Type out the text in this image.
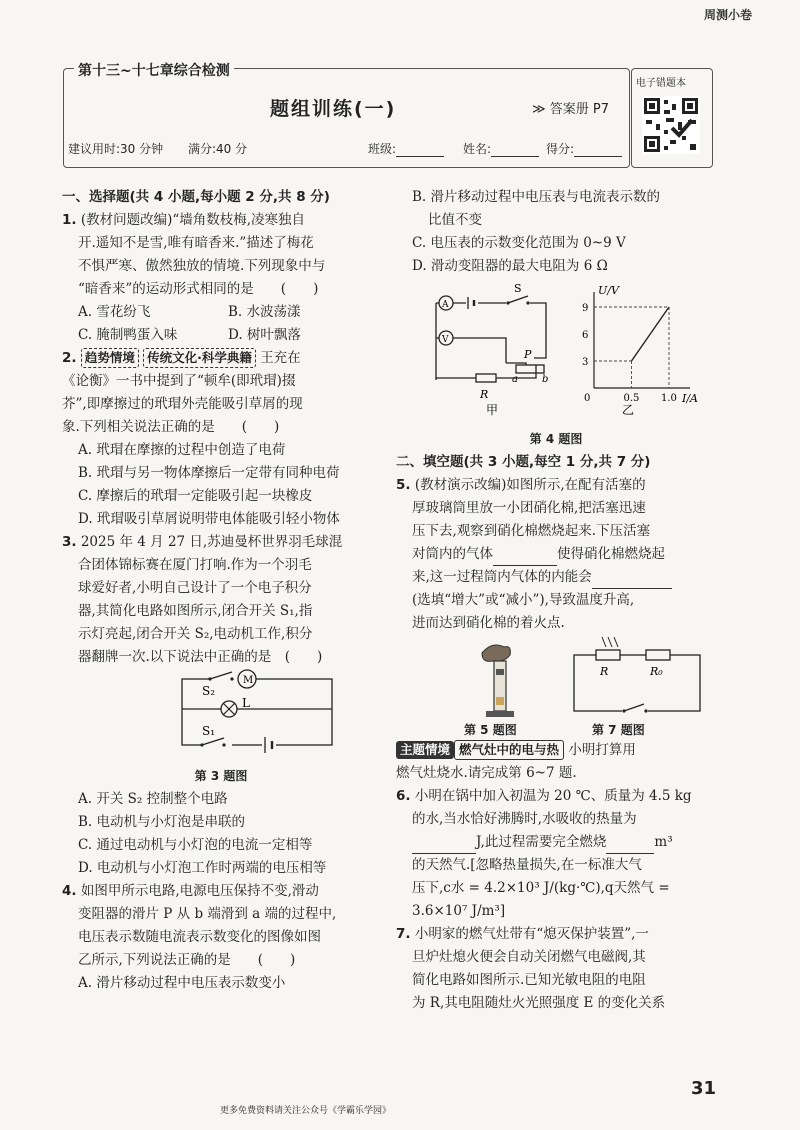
周测小卷
第十三~十七章综合检测
题组训练(一)	≫ 答案册 P7
建议用时:30 分钟 满分:40 分	班级:	姓名:	得分:
电子错题本
一、选择题(共 4 小题,每小题 2 分,共 8 分)
1. (教材问题改编)“墙角数枝梅,凌寒独自
开.遥知不是雪,唯有暗香来.”描述了梅花
不惧严寒、傲然独放的情境.下列现象中与
“暗香来”的运动形式相同的是　　(　　)
A. 雪花纷飞	B. 水波荡漾
C. 腌制鸭蛋入味	D. 树叶飘落
2. 趋势情境 传统文化·科学典籍 王充在
《论衡》一书中提到了“顿牟(即玳瑁)掇
芥”,即摩擦过的玳瑁外壳能吸引草屑的现
象.下列相关说法正确的是　　(　　)
A. 玳瑁在摩擦的过程中创造了电荷
B. 玳瑁与另一物体摩擦后一定带有同种电荷
C. 摩擦后的玳瑁一定能吸引起一块橡皮
D. 玳瑁吸引草屑说明带电体能吸引轻小物体
3. 2025 年 4 月 27 日,苏迪曼杯世界羽毛球混
合团体锦标赛在厦门打响.作为一个羽毛
球爱好者,小明自己设计了一个电子积分
器,其简化电路如图所示,闭合开关 S₁,指
示灯亮起,闭合开关 S₂,电动机工作,积分
器翻牌一次.以下说法中正确的是　(　　)
S₂
M
L
S₁
第 3 题图
A. 开关 S₂ 控制整个电路
B. 电动机与小灯泡是串联的
C. 通过电动机与小灯泡的电流一定相等
D. 电动机与小灯泡工作时两端的电压相等
4. 如图甲所示电路,电源电压保持不变,滑动
变阻器的滑片 P 从 b 端滑到 a 端的过程中,
电压表示数随电流表示数变化的图像如图
乙所示,下列说法正确的是　　(　　)
A. 滑片移动过程中电压表示数变小
B. 滑片移动过程中电压表与电流表示数的
比值不变
C. 电压表的示数变化范围为 0~9 V
D. 滑动变阻器的最大电阻为 6 Ω
A
V
S
R
P
a b
甲
U/V
I/A
乙
3
6
9
0	0.5 1.0
第 4 题图
二、填空题(共 3 小题,每空 1 分,共 7 分)
5. (教材演示改编)如图所示,在配有活塞的
厚玻璃筒里放一小团硝化棉,把活塞迅速
压下去,观察到硝化棉燃烧起来.下压活塞
对筒内的气体	使得硝化棉燃烧起
来,这一过程筒内气体的内能会
(选填“增大”或“减小”),导致温度升高,
进而达到硝化棉的着火点.
R	R₀
第 5 题图	第 7 题图
主题情境 燃气灶中的电与热 小明打算用
燃气灶烧水.请完成第 6~7 题.
6. 小明在锅中加入初温为 20 ℃、质量为 4.5 kg
的水,当水恰好沸腾时,水吸收的热量为
J,此过程需要完全燃烧	m³
的天然气.[忽略热量损失,在一标准大气
压下,c水 = 4.2×10³ J/(kg·℃),q天然气 =
3.6×10⁷ J/m³]
7. 小明家的燃气灶带有“熄灭保护装置”,一
旦炉灶熄火便会自动关闭燃气电磁阀,其
简化电路如图所示.已知光敏电阻的电阻
为 R,其电阻随灶火光照强度 E 的变化关系
31
更多免费资料请关注公众号《学霸乐学园》
